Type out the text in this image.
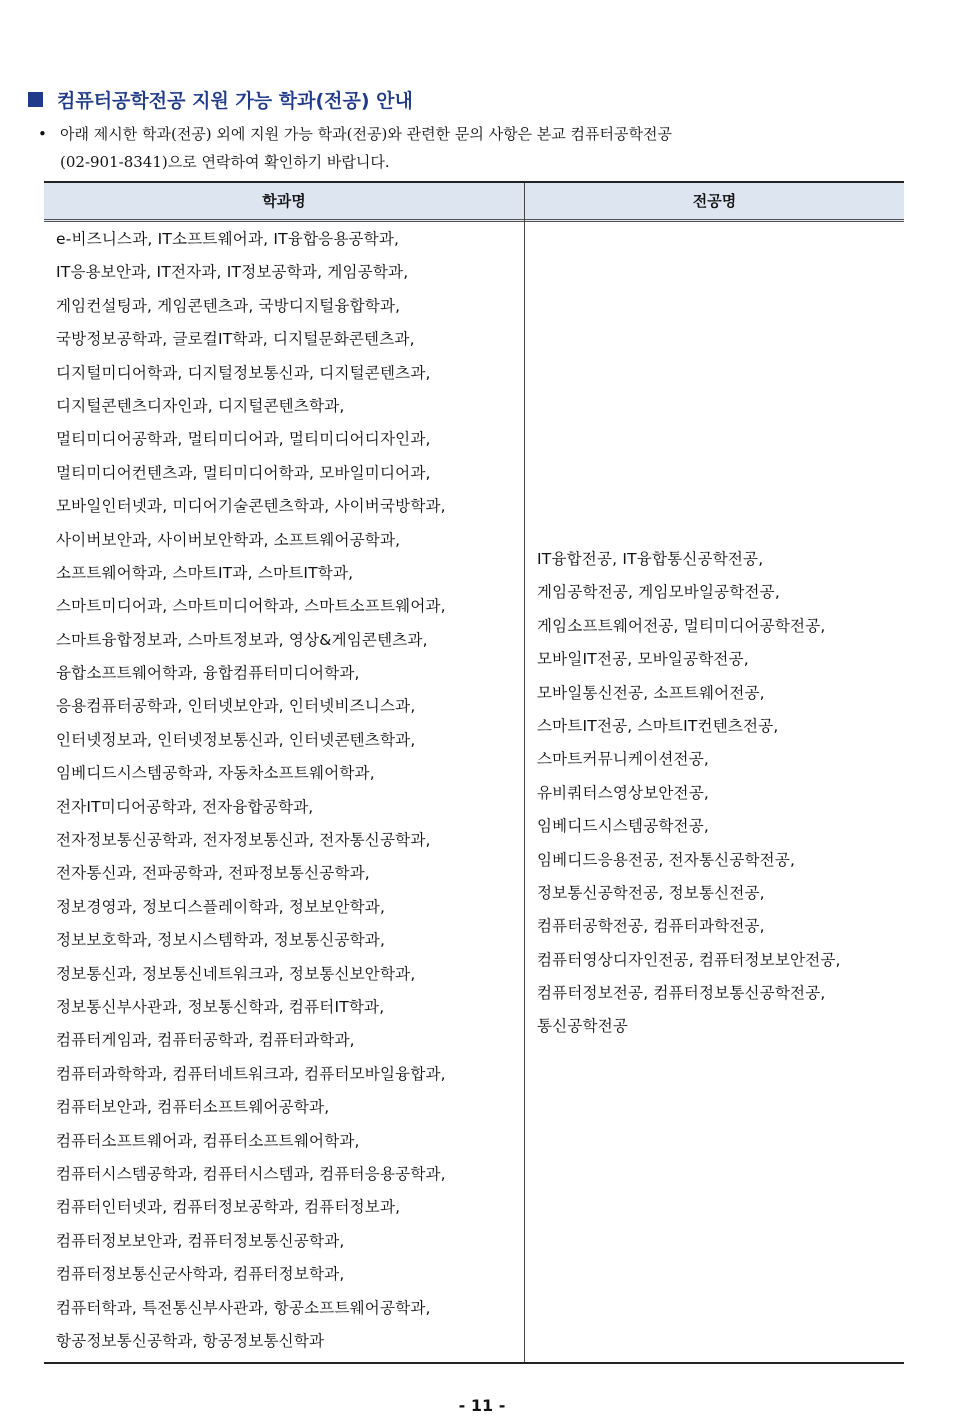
컴퓨터공학전공 지원 가능 학과(전공) 안내
• 아래 제시한 학과(전공) 외에 지원 가능 학과(전공)와 관련한 문의 사항은 본교 컴퓨터공학전공
(02-901-8341)으로 연락하여 확인하기 바랍니다.
학과명	전공명
e-비즈니스과, IT소프트웨어과, IT융합응용공학과,
IT응용보안과, IT전자과, IT정보공학과, 게임공학과,
게임컨설팅과, 게임콘텐츠과, 국방디지털융합학과,
국방정보공학과, 글로컬IT학과, 디지털문화콘텐츠과,
디지털미디어학과, 디지털정보통신과, 디지털콘텐츠과,
디지털콘텐츠디자인과, 디지털콘텐츠학과,
멀티미디어공학과, 멀티미디어과, 멀티미디어디자인과,
멀티미디어컨텐츠과, 멀티미디어학과, 모바일미디어과,
모바일인터넷과, 미디어기술콘텐츠학과, 사이버국방학과,
사이버보안과, 사이버보안학과, 소프트웨어공학과,
소프트웨어학과, 스마트IT과, 스마트IT학과,
스마트미디어과, 스마트미디어학과, 스마트소프트웨어과,
스마트융합정보과, 스마트정보과, 영상&게임콘텐츠과,
융합소프트웨어학과, 융합컴퓨터미디어학과,
응용컴퓨터공학과, 인터넷보안과, 인터넷비즈니스과,
인터넷정보과, 인터넷정보통신과, 인터넷콘텐츠학과,
임베디드시스템공학과, 자동차소프트웨어학과,
전자IT미디어공학과, 전자융합공학과,
전자정보통신공학과, 전자정보통신과, 전자통신공학과,
전자통신과, 전파공학과, 전파정보통신공학과,
정보경영과, 정보디스플레이학과, 정보보안학과,
정보보호학과, 정보시스템학과, 정보통신공학과,
정보통신과, 정보통신네트워크과, 정보통신보안학과,
정보통신부사관과, 정보통신학과, 컴퓨터IT학과,
컴퓨터게임과, 컴퓨터공학과, 컴퓨터과학과,
컴퓨터과학학과, 컴퓨터네트워크과, 컴퓨터모바일융합과,
컴퓨터보안과, 컴퓨터소프트웨어공학과,
컴퓨터소프트웨어과, 컴퓨터소프트웨어학과,
컴퓨터시스템공학과, 컴퓨터시스템과, 컴퓨터응용공학과,
컴퓨터인터넷과, 컴퓨터정보공학과, 컴퓨터정보과,
컴퓨터정보보안과, 컴퓨터정보통신공학과,
컴퓨터정보통신군사학과, 컴퓨터정보학과,
컴퓨터학과, 특전통신부사관과, 항공소프트웨어공학과,
항공정보통신공학과, 항공정보통신학과
IT융합전공, IT융합통신공학전공,
게임공학전공, 게임모바일공학전공,
게임소프트웨어전공, 멀티미디어공학전공,
모바일IT전공, 모바일공학전공,
모바일통신전공, 소프트웨어전공,
스마트IT전공, 스마트IT컨텐츠전공,
스마트커뮤니케이션전공,
유비쿼터스영상보안전공,
임베디드시스템공학전공,
임베디드응용전공, 전자통신공학전공,
정보통신공학전공, 정보통신전공,
컴퓨터공학전공, 컴퓨터과학전공,
컴퓨터영상디자인전공, 컴퓨터정보보안전공,
컴퓨터정보전공, 컴퓨터정보통신공학전공,
통신공학전공
- 11 -
